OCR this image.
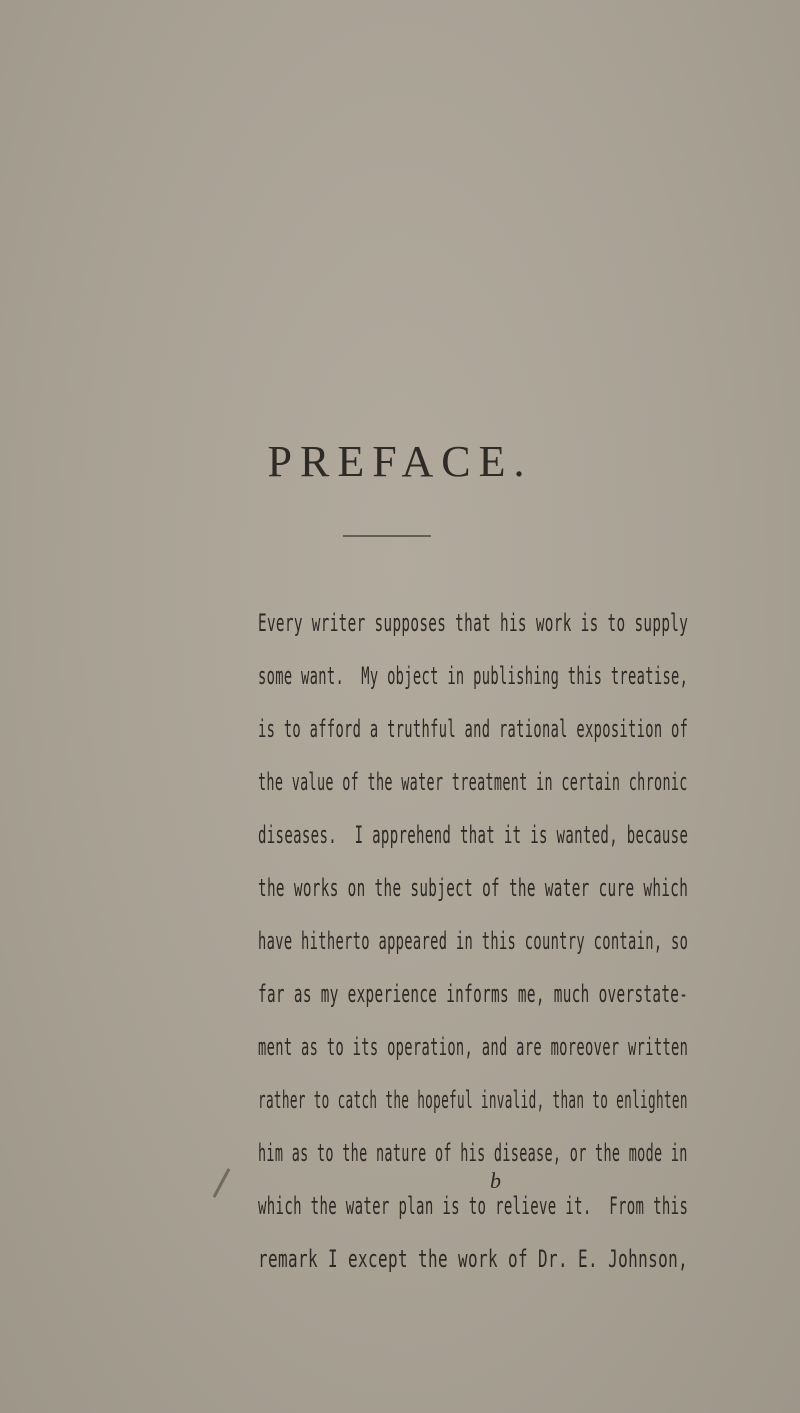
PREFACE.
Every writer supposes that his work is to supply
some want.  My object in publishing this treatise,
is to afford a truthful and rational exposition of
the value of the water treatment in certain chronic
diseases.  I apprehend that it is wanted, because
the works on the subject of the water cure which
have hitherto appeared in this country contain, so
far as my experience informs me, much overstate-
ment as to its operation, and are moreover written
rather to catch the hopeful invalid, than to enlighten
him as to the nature of his disease, or the mode in
which the water plan is to relieve it.  From this
remark I except the work of Dr. E. Johnson,
b
